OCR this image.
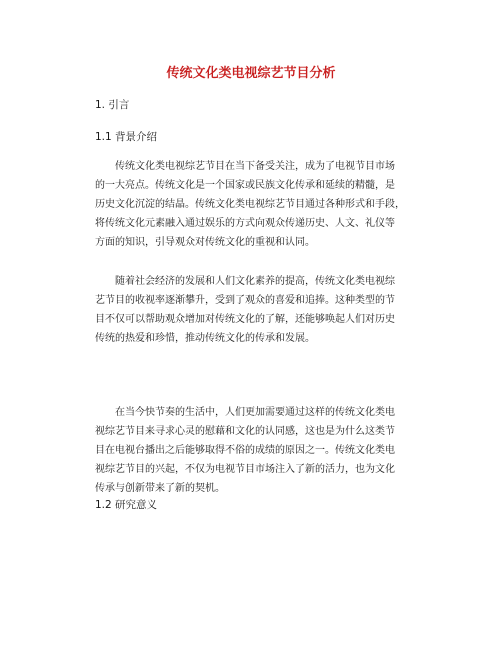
传统文化类电视综艺节目分析
1. 引言
1.1 背景介绍
传统文化类电视综艺节目在当下备受关注，成为了电视节目市场
的一大亮点。传统文化是一个国家或民族文化传承和延续的精髓，是
历史文化沉淀的结晶。传统文化类电视综艺节目通过各种形式和手段，
将传统文化元素融入通过娱乐的方式向观众传递历史、人文、礼仪等
方面的知识，引导观众对传统文化的重视和认同。
随着社会经济的发展和人们文化素养的提高，传统文化类电视综
艺节目的收视率逐渐攀升，受到了观众的喜爱和追捧。这种类型的节
目不仅可以帮助观众增加对传统文化的了解，还能够唤起人们对历史
传统的热爱和珍惜，推动传统文化的传承和发展。
在当今快节奏的生活中，人们更加需要通过这样的传统文化类电
视综艺节目来寻求心灵的慰藉和文化的认同感，这也是为什么这类节
目在电视台播出之后能够取得不俗的成绩的原因之一。传统文化类电
视综艺节目的兴起，不仅为电视节目市场注入了新的活力，也为文化
传承与创新带来了新的契机。
1.2 研究意义
